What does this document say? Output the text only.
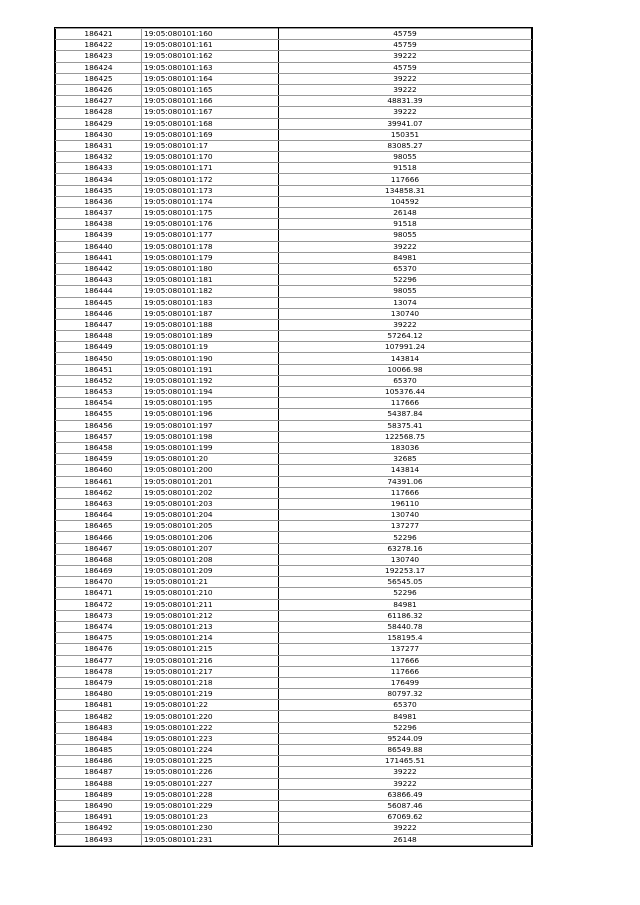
186421	19:05:080101:160	45759
186422	19:05:080101:161	45759
186423	19:05:080101:162	39222
186424	19:05:080101:163	45759
186425	19:05:080101:164	39222
186426	19:05:080101:165	39222
186427	19:05:080101:166	48831.39
186428	19:05:080101:167	39222
186429	19:05:080101:168	39941.07
186430	19:05:080101:169	150351
186431	19:05:080101:17	83085.27
186432	19:05:080101:170	98055
186433	19:05:080101:171	91518
186434	19:05:080101:172	117666
186435	19:05:080101:173	134858.31
186436	19:05:080101:174	104592
186437	19:05:080101:175	26148
186438	19:05:080101:176	91518
186439	19:05:080101:177	98055
186440	19:05:080101:178	39222
186441	19:05:080101:179	84981
186442	19:05:080101:180	65370
186443	19:05:080101:181	52296
186444	19:05:080101:182	98055
186445	19:05:080101:183	13074
186446	19:05:080101:187	130740
186447	19:05:080101:188	39222
186448	19:05:080101:189	57264.12
186449	19:05:080101:19	107991.24
186450	19:05:080101:190	143814
186451	19:05:080101:191	10066.98
186452	19:05:080101:192	65370
186453	19:05:080101:194	105376.44
186454	19:05:080101:195	117666
186455	19:05:080101:196	54387.84
186456	19:05:080101:197	58375.41
186457	19:05:080101:198	122568.75
186458	19:05:080101:199	183036
186459	19:05:080101:20	32685
186460	19:05:080101:200	143814
186461	19:05:080101:201	74391.06
186462	19:05:080101:202	117666
186463	19:05:080101:203	196110
186464	19:05:080101:204	130740
186465	19:05:080101:205	137277
186466	19:05:080101:206	52296
186467	19:05:080101:207	63278.16
186468	19:05:080101:208	130740
186469	19:05:080101:209	192253.17
186470	19:05:080101:21	56545.05
186471	19:05:080101:210	52296
186472	19:05:080101:211	84981
186473	19:05:080101:212	61186.32
186474	19:05:080101:213	58440.78
186475	19:05:080101:214	158195.4
186476	19:05:080101:215	137277
186477	19:05:080101:216	117666
186478	19:05:080101:217	117666
186479	19:05:080101:218	176499
186480	19:05:080101:219	80797.32
186481	19:05:080101:22	65370
186482	19:05:080101:220	84981
186483	19:05:080101:222	52296
186484	19:05:080101:223	95244.09
186485	19:05:080101:224	86549.88
186486	19:05:080101:225	171465.51
186487	19:05:080101:226	39222
186488	19:05:080101:227	39222
186489	19:05:080101:228	63866.49
186490	19:05:080101:229	56087.46
186491	19:05:080101:23	67069.62
186492	19:05:080101:230	39222
186493	19:05:080101:231	26148
